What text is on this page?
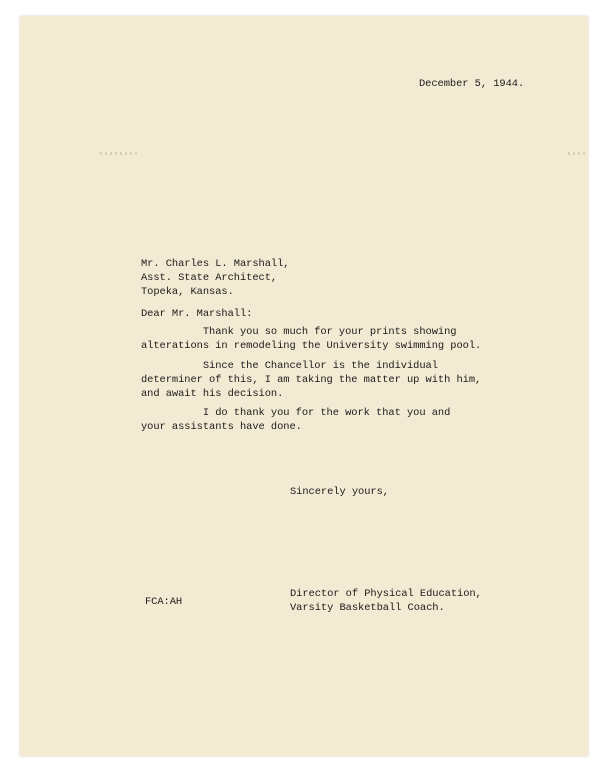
December 5, 1944.

Mr. Charles L. Marshall,

Asst. State Architect,

Topeka, Kansas.

Dear Mr. Marshall:

Thank you so much for your prints showing

alterations in remodeling the University swimming pool.

Since the Chancellor is the individual

determiner of this, I am taking the matter up with him,

and await his decision.

I do thank you for the work that you and

your assistants have done.

Sincerely yours,

FCA:AH

Director of Physical Education,

Varsity Basketball Coach.
